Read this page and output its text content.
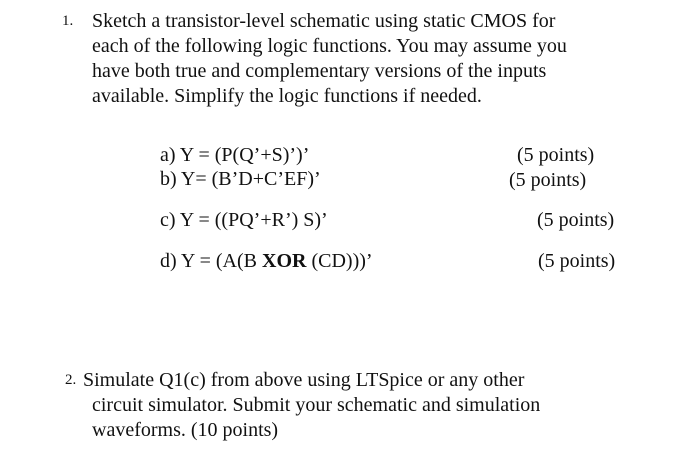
1. Sketch a transistor-level schematic using static CMOS for
each of the following logic functions. You may assume you
have both true and complementary versions of the inputs
available. Simplify the logic functions if needed.
a) Y = (P(Q’+S)’)’	(5 points)
b) Y= (B’D+C’EF)’	(5 points)
c) Y = ((PQ’+R’) S)’	(5 points)
d) Y = (A(B XOR (CD)))’	(5 points)
2. Simulate Q1(c) from above using LTSpice or any other
circuit simulator. Submit your schematic and simulation
waveforms. (10 points)
